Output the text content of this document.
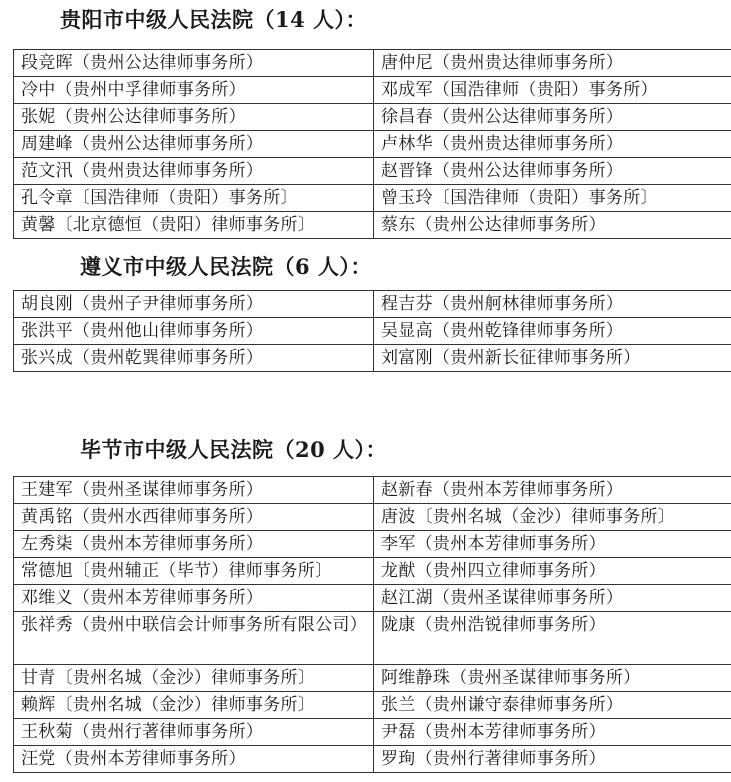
贵阳市中级人民法院（14 人）：
段竞晖（贵州公达律师事务所）	唐仲尼（贵州贵达律师事务所）
冷中（贵州中孚律师事务所）	邓成军（国浩律师（贵阳）事务所）
张妮（贵州公达律师事务所）	徐昌春（贵州公达律师事务所）
周建峰（贵州公达律师事务所）	卢林华（贵州贵达律师事务所）
范文汛（贵州贵达律师事务所）	赵晋锋（贵州公达律师事务所）
孔令章〔国浩律师（贵阳）事务所〕	曾玉玲〔国浩律师（贵阳）事务所〕
黄馨〔北京德恒（贵阳）律师事务所〕	蔡东（贵州公达律师事务所）
遵义市中级人民法院（6 人）：
胡良刚（贵州子尹律师事务所）	程吉芬（贵州舸林律师事务所）
张洪平（贵州他山律师事务所）	吴显高（贵州乾锋律师事务所）
张兴成（贵州乾巽律师事务所）	刘富刚（贵州新长征律师事务所）
毕节市中级人民法院（20 人）：
王建军（贵州圣谋律师事务所）	赵新春（贵州本芳律师事务所）
黄禹铭（贵州水西律师事务所）	唐波〔贵州名城（金沙）律师事务所〕
左秀柒（贵州本芳律师事务所）	李军（贵州本芳律师事务所）
常德旭〔贵州辅正（毕节）律师事务所〕	龙猷（贵州四立律师事务所）
邓维义（贵州本芳律师事务所）	赵江湖（贵州圣谋律师事务所）
张祥秀（贵州中联信会计师事务所有限公司）	陇康（贵州浩锐律师事务所）
甘青〔贵州名城（金沙）律师事务所〕	阿维静珠（贵州圣谋律师事务所）
赖辉〔贵州名城（金沙）律师事务所〕	张兰（贵州谦守泰律师事务所）
王秋菊（贵州行著律师事务所）	尹磊（贵州本芳律师事务所）
汪党（贵州本芳律师事务所）	罗珣（贵州行著律师事务所）
